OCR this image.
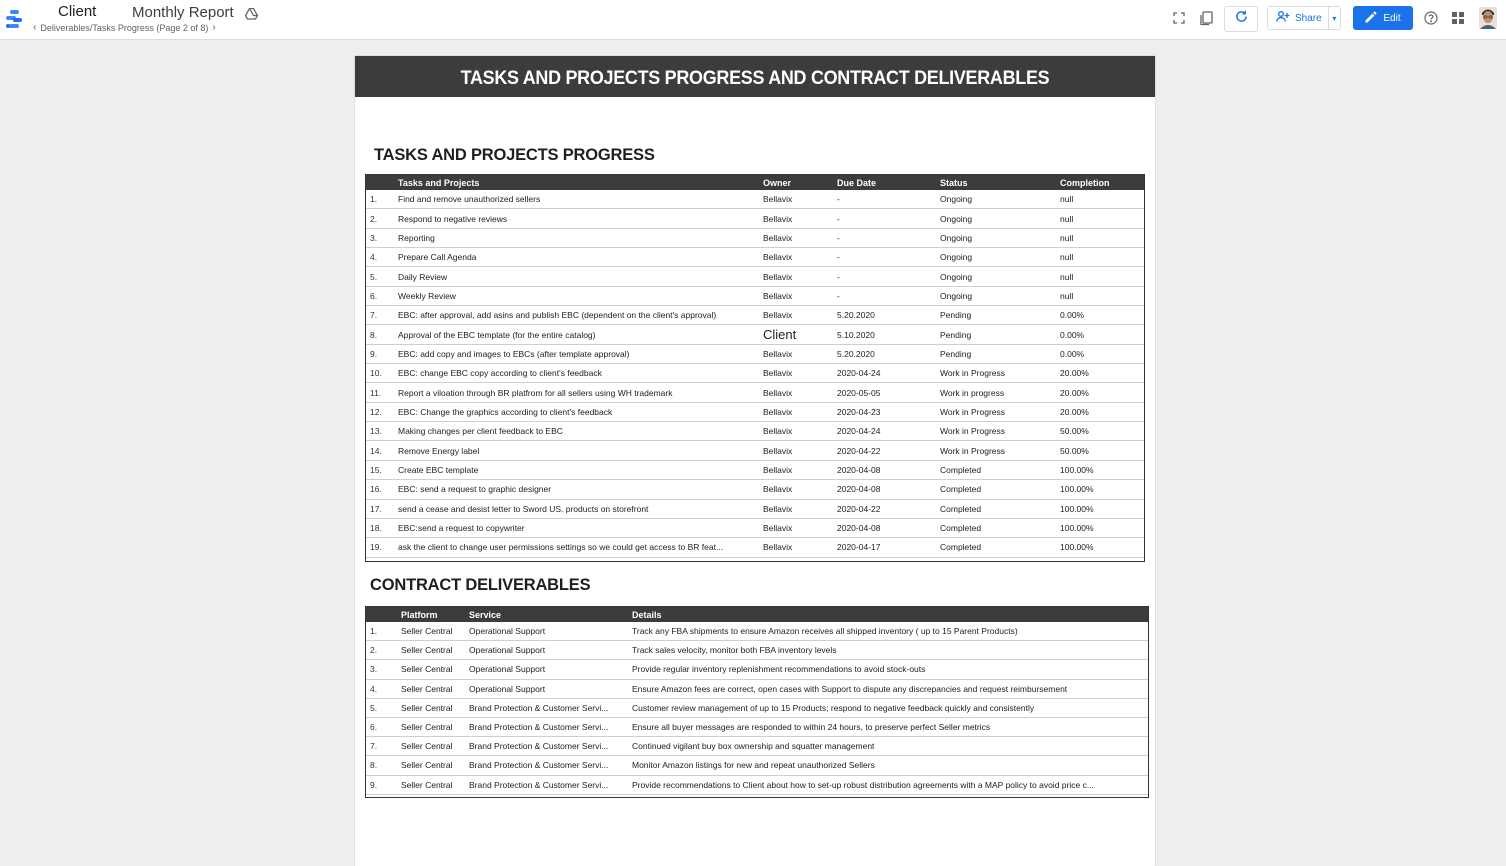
Client Monthly Report
‹ Deliverables/Tasks Progress (Page 2 of 8) ›
Share ▾	Edit
TASKS AND PROJECTS PROGRESS AND CONTRACT DELIVERABLES
TASKS AND PROJECTS PROGRESS
	Tasks and Projects	Owner	Due Date	Status	Completion
1.	Find and remove unauthorized sellers	Bellavix	-	Ongoing	null
2.	Respond to negative reviews	Bellavix	-	Ongoing	null
3.	Reporting	Bellavix	-	Ongoing	null
4.	Prepare Call Agenda	Bellavix	-	Ongoing	null
5.	Daily Review	Bellavix	-	Ongoing	null
6.	Weekly Review	Bellavix	-	Ongoing	null
7.	EBC: after approval, add asins and publish EBC (dependent on the client's approval)	Bellavix	5.20.2020	Pending	0.00%
8.	Approval of the EBC template (for the entire catalog)	Client	5.10.2020	Pending	0.00%
9.	EBC: add copy and images to EBCs (after template approval)	Bellavix	5.20.2020	Pending	0.00%
10.	EBC: change EBC copy according to client's feedback	Bellavix	2020-04-24	Work in Progress	20.00%
11.	Report a viloation through BR platfrom for all sellers using WH trademark	Bellavix	2020-05-05	Work in progress	20.00%
12.	EBC: Change the graphics according to client's feedback	Bellavix	2020-04-23	Work in Progress	20.00%
13.	Making changes per client feedback to EBC	Bellavix	2020-04-24	Work in Progress	50.00%
14.	Remove Energy label	Bellavix	2020-04-22	Work in Progress	50.00%
15.	Create EBC template	Bellavix	2020-04-08	Completed	100.00%
16.	EBC: send a request to graphic designer	Bellavix	2020-04-08	Completed	100.00%
17.	send a cease and desist letter to Sword US. products on storefront	Bellavix	2020-04-22	Completed	100.00%
18.	EBC:send a request to copywriter	Bellavix	2020-04-08	Completed	100.00%
19.	ask the client to change user permissions settings so we could get access to BR feat...	Bellavix	2020-04-17	Completed	100.00%
CONTRACT DELIVERABLES
	Platform	Service	Details
1.	Seller Central	Operational Support	Track any FBA shipments to ensure Amazon receives all shipped inventory ( up to 15 Parent Products)
2.	Seller Central	Operational Support	Track sales velocity, monitor both FBA inventory levels
3.	Seller Central	Operational Support	Provide regular inventory replenishment recommendations to avoid stock-outs
4.	Seller Central	Operational Support	Ensure Amazon fees are correct, open cases with Support to dispute any discrepancies and request reimbursement
5.	Seller Central	Brand Protection & Customer Servi...	Customer review management of up to 15 Products; respond to negative feedback quickly and consistently
6.	Seller Central	Brand Protection & Customer Servi...	Ensure all buyer messages are responded to within 24 hours, to preserve perfect Seller metrics
7.	Seller Central	Brand Protection & Customer Servi...	Continued vigilant buy box ownership and squatter management
8.	Seller Central	Brand Protection & Customer Servi...	Monitor Amazon listings for new and repeat unauthorized Sellers
9.	Seller Central	Brand Protection & Customer Servi...	Provide recommendations to Client about how to set-up robust distribution agreements with a MAP policy to avoid price c...
